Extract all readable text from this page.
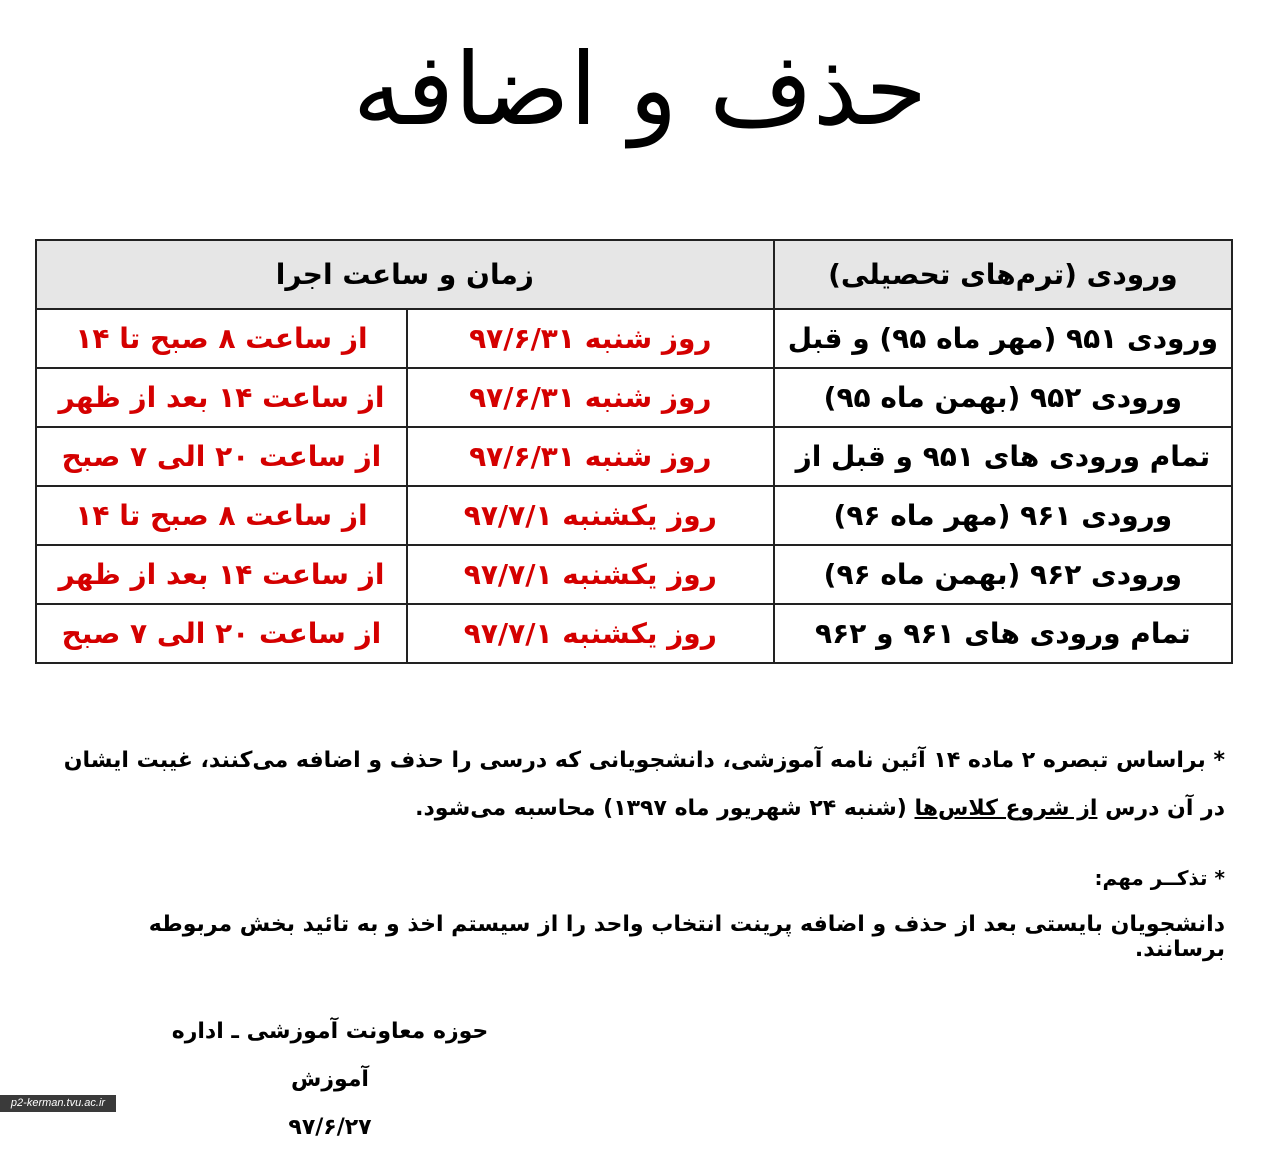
حذف و اضافه
ورودی (ترم‌های تحصیلی)	زمان و ساعت اجرا	
ورودی ۹۵۱ (مهر ماه ۹۵) و قبل	روز شنبه ۹۷/۶/۳۱	از ساعت ۸ صبح تا ۱۴
ورودی ۹۵۲ (بهمن ماه ۹۵)	روز شنبه ۹۷/۶/۳۱	از ساعت ۱۴ بعد از ظهر
تمام ورودی های ۹۵۱ و قبل از	روز شنبه ۹۷/۶/۳۱	از ساعت ۲۰ الی ۷ صبح
ورودی ۹۶۱ (مهر ماه ۹۶)	روز یکشنبه ۹۷/۷/۱	از ساعت ۸ صبح تا ۱۴
ورودی ۹۶۲ (بهمن ماه ۹۶)	روز یکشنبه ۹۷/۷/۱	از ساعت ۱۴ بعد از ظهر
تمام ورودی های ۹۶۱ و ۹۶۲	روز یکشنبه ۹۷/۷/۱	از ساعت ۲۰ الی ۷ صبح
* براساس تبصره ۲ ماده ۱۴ آئین نامه آموزشی، دانشجویانی که درسی را حذف و اضافه می‌کنند، غیبت ایشان در آن درس از شروع کلاس‌ها (شنبه ۲۴ شهریور ماه ۱۳۹۷) محاسبه می‌شود.
* تذکــر مهم:
دانشجویان بایستی بعد از حذف و اضافه پرینت انتخاب واحد را از سیستم اخذ و به تائید بخش مربوطه برسانند.
حوزه معاونت آموزشی ـ اداره آموزش
۹۷/۶/۲۷
p2-kerman.tvu.ac.ir
